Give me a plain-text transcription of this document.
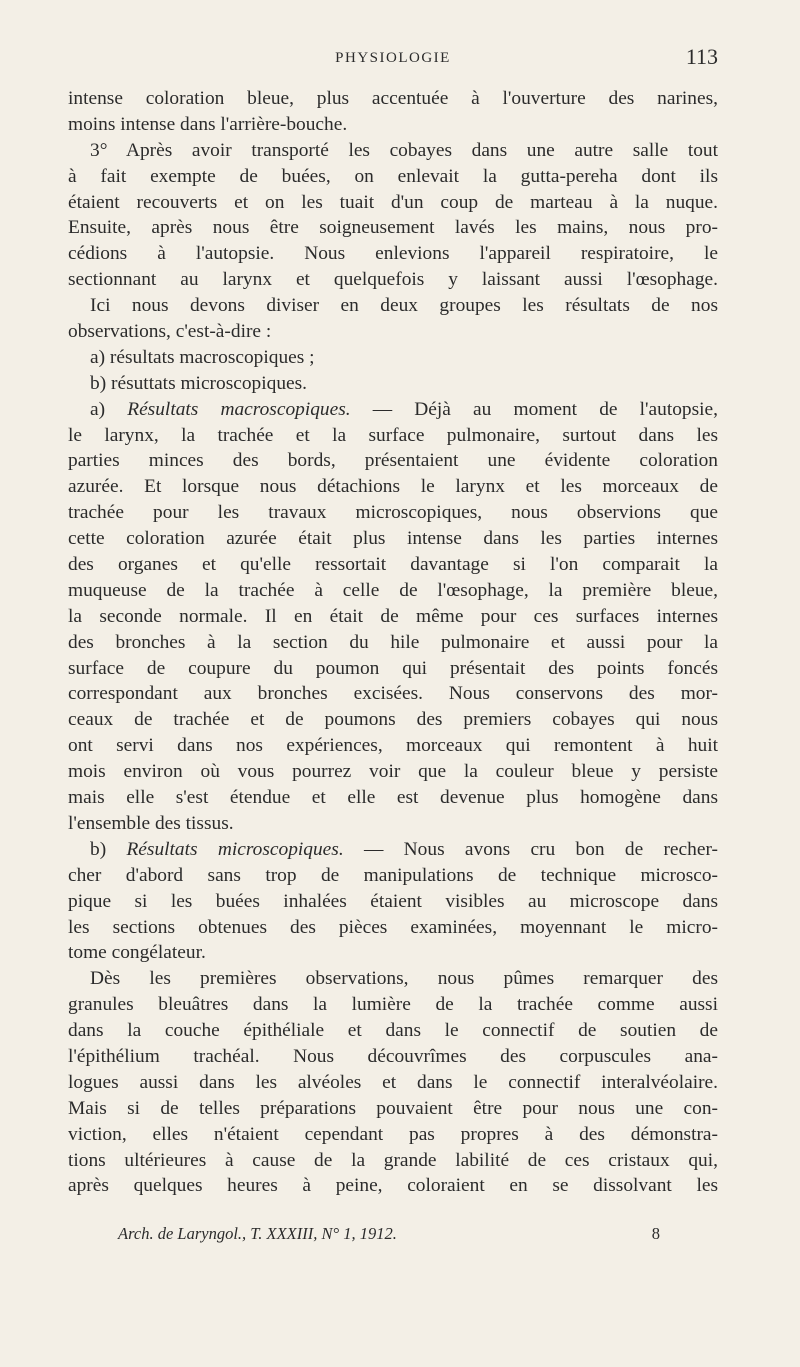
PHYSIOLOGIE	113
intense coloration bleue, plus accentuée à l'ouverture des narines,
moins intense dans l'arrière-bouche.
3° Après avoir transporté les cobayes dans une autre salle tout
à fait exempte de buées, on enlevait la gutta-pereha dont ils
étaient recouverts et on les tuait d'un coup de marteau à la nuque.
Ensuite, après nous être soigneusement lavés les mains, nous pro-
cédions à l'autopsie. Nous enlevions l'appareil respiratoire, le
sectionnant au larynx et quelquefois y laissant aussi l'œsophage.
Ici nous devons diviser en deux groupes les résultats de nos
observations, c'est-à-dire :
a) résultats macroscopiques ;
b) résuttats microscopiques.
a) Résultats macroscopiques. — Déjà au moment de l'autopsie,
le larynx, la trachée et la surface pulmonaire, surtout dans les
parties minces des bords, présentaient une évidente coloration
azurée. Et lorsque nous détachions le larynx et les morceaux de
trachée pour les travaux microscopiques, nous observions que
cette coloration azurée était plus intense dans les parties internes
des organes et qu'elle ressortait davantage si l'on comparait la
muqueuse de la trachée à celle de l'œsophage, la première bleue,
la seconde normale. Il en était de même pour ces surfaces internes
des bronches à la section du hile pulmonaire et aussi pour la
surface de coupure du poumon qui présentait des points foncés
correspondant aux bronches excisées. Nous conservons des mor-
ceaux de trachée et de poumons des premiers cobayes qui nous
ont servi dans nos expériences, morceaux qui remontent à huit
mois environ où vous pourrez voir que la couleur bleue y persiste
mais elle s'est étendue et elle est devenue plus homogène dans
l'ensemble des tissus.
b) Résultats microscopiques. — Nous avons cru bon de recher-
cher d'abord sans trop de manipulations de technique microsco-
pique si les buées inhalées étaient visibles au microscope dans
les sections obtenues des pièces examinées, moyennant le micro-
tome congélateur.
Dès les premières observations, nous pûmes remarquer des
granules bleuâtres dans la lumière de la trachée comme aussi
dans la couche épithéliale et dans le connectif de soutien de
l'épithélium trachéal. Nous découvrîmes des corpuscules ana-
logues aussi dans les alvéoles et dans le connectif interalvéolaire.
Mais si de telles préparations pouvaient être pour nous une con-
viction, elles n'étaient cependant pas propres à des démonstra-
tions ultérieures à cause de la grande labilité de ces cristaux qui,
après quelques heures à peine, coloraient en se dissolvant les
Arch. de Laryngol., T. XXXIII, N° 1, 1912.	8
